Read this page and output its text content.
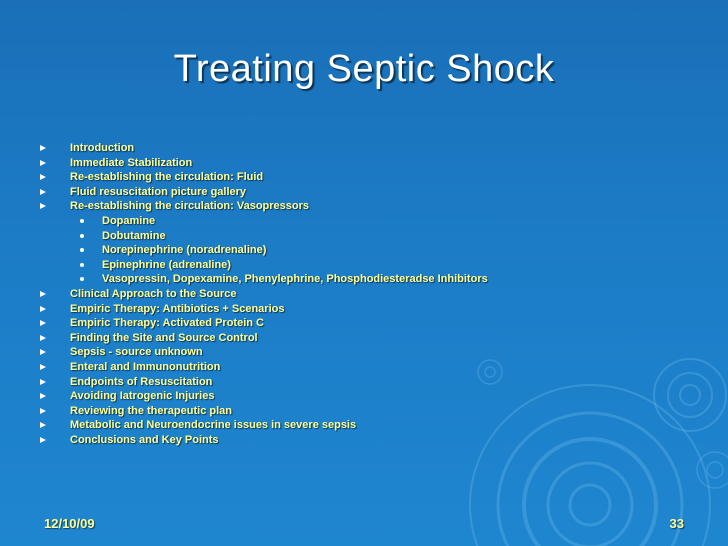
Treating Septic Shock
Introduction
Immediate Stabilization
Re-establishing the circulation: Fluid
Fluid resuscitation picture gallery
Re-establishing the circulation: Vasopressors
Dopamine
Dobutamine
Norepinephrine (noradrenaline)
Epinephrine (adrenaline)
Vasopressin, Dopexamine, Phenylephrine, Phosphodiesteradse Inhibitors
Clinical Approach to the Source
Empiric Therapy: Antibiotics + Scenarios
Empiric Therapy: Activated Protein C
Finding the Site and Source Control
Sepsis - source unknown
Enteral and Immunonutrition
Endpoints of Resuscitation
Avoiding Iatrogenic Injuries
Reviewing the therapeutic plan
Metabolic and Neuroendocrine issues in severe sepsis
Conclusions and Key Points
12/10/09	33
